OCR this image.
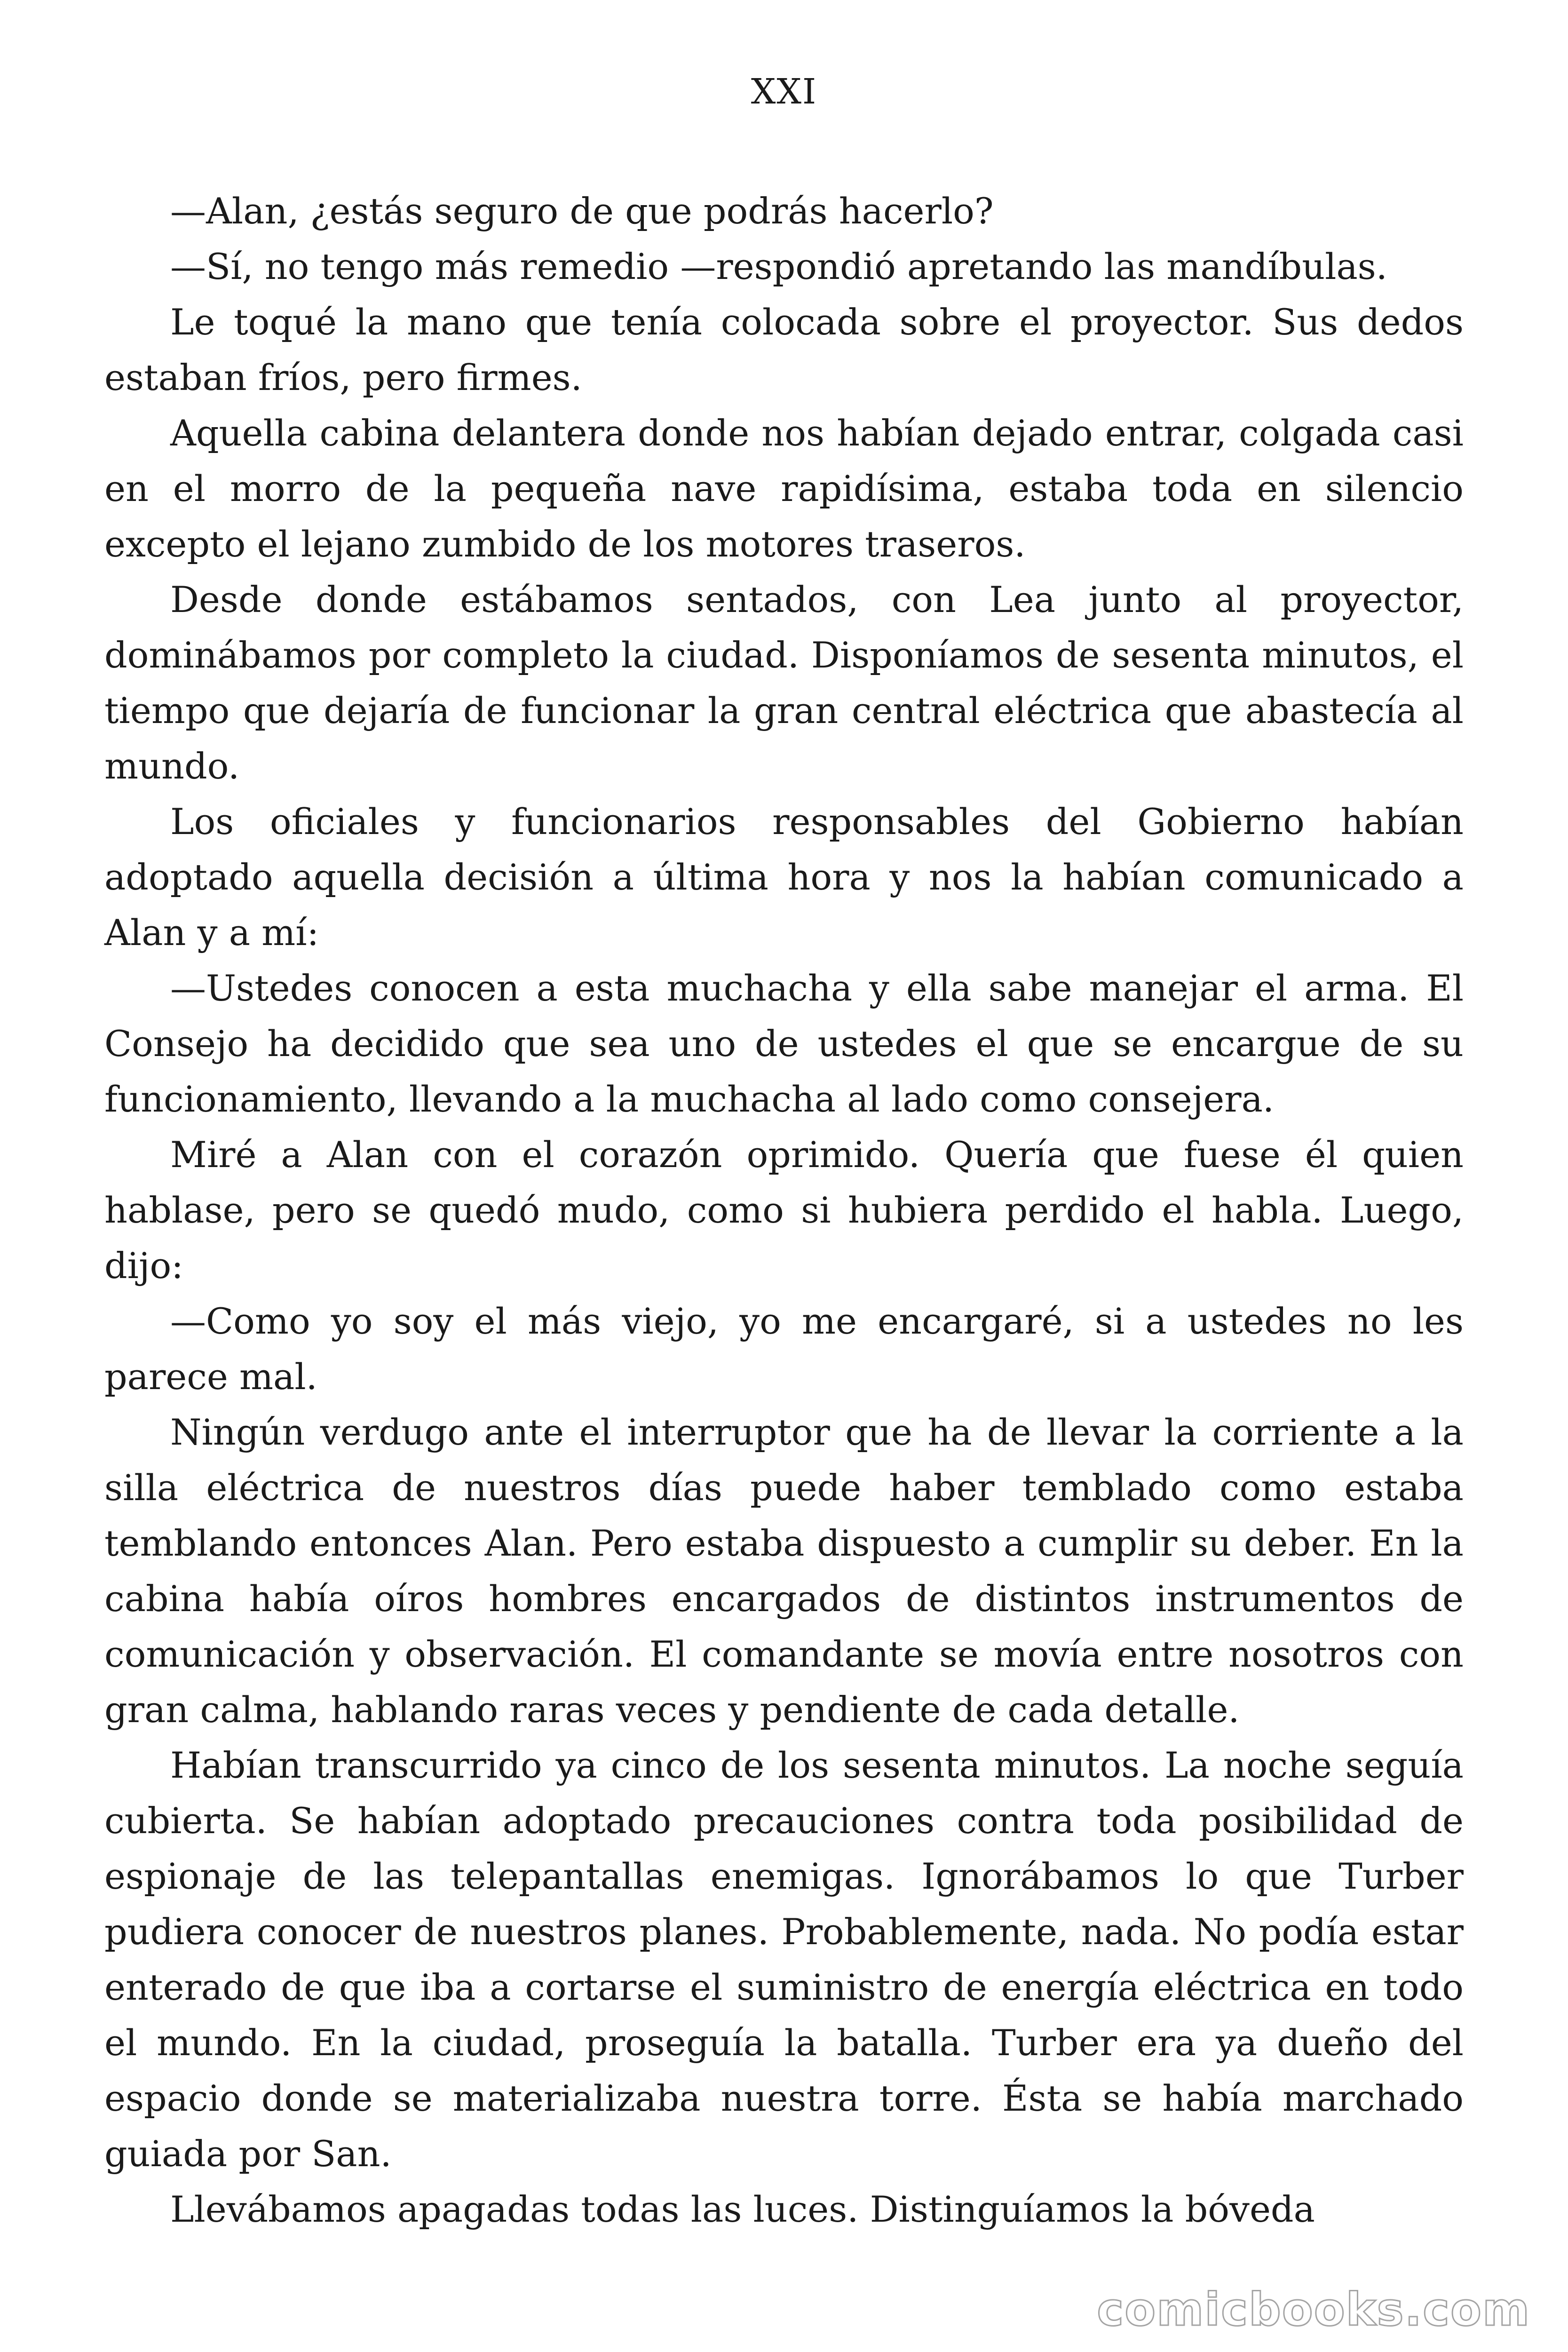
XXI

—Alan, ¿estás seguro de que podrás hacerlo?

—Sí, no tengo más remedio —respondió apretando las mandíbulas.

Le toqué la mano que tenía colocada sobre el proyector. Sus dedos estaban fríos, pero firmes.

Aquella cabina delantera donde nos habían dejado entrar, colgada casi en el morro de la pequeña nave rapidísima, estaba toda en silencio excepto el lejano zumbido de los motores traseros.

Desde donde estábamos sentados, con Lea junto al proyector, dominábamos por completo la ciudad. Disponíamos de sesenta minutos, el tiempo que dejaría de funcionar la gran central eléctrica que abastecía al mundo.

Los oficiales y funcionarios responsables del Gobierno habían adoptado aquella decisión a última hora y nos la habían comunicado a Alan y a mí:

—Ustedes conocen a esta muchacha y ella sabe manejar el arma. El Consejo ha decidido que sea uno de ustedes el que se encargue de su funcionamiento, llevando a la muchacha al lado como consejera.

Miré a Alan con el corazón oprimido. Quería que fuese él quien hablase, pero se quedó mudo, como si hubiera perdido el habla. Luego, dijo:

—Como yo soy el más viejo, yo me encargaré, si a ustedes no les parece mal.

Ningún verdugo ante el interruptor que ha de llevar la corriente a la silla eléctrica de nuestros días puede haber temblado como estaba temblando entonces Alan. Pero estaba dispuesto a cumplir su deber. En la cabina había oíros hombres encargados de distintos instrumentos de comunicación y observación. El comandante se movía entre nosotros con gran calma, hablando raras veces y pendiente de cada detalle.

Habían transcurrido ya cinco de los sesenta minutos. La noche seguía cubierta. Se habían adoptado precauciones contra toda posibilidad de espionaje de las telepantallas enemigas. Ignorábamos lo que Turber pudiera conocer de nuestros planes. Probablemente, nada. No podía estar enterado de que iba a cortarse el suministro de energía eléctrica en todo el mundo. En la ciudad, proseguía la batalla. Turber era ya dueño del espacio donde se materializaba nuestra torre. Ésta se había marchado guiada por San.

Llevábamos apagadas todas las luces. Distinguíamos la bóveda

comicbooks.com
